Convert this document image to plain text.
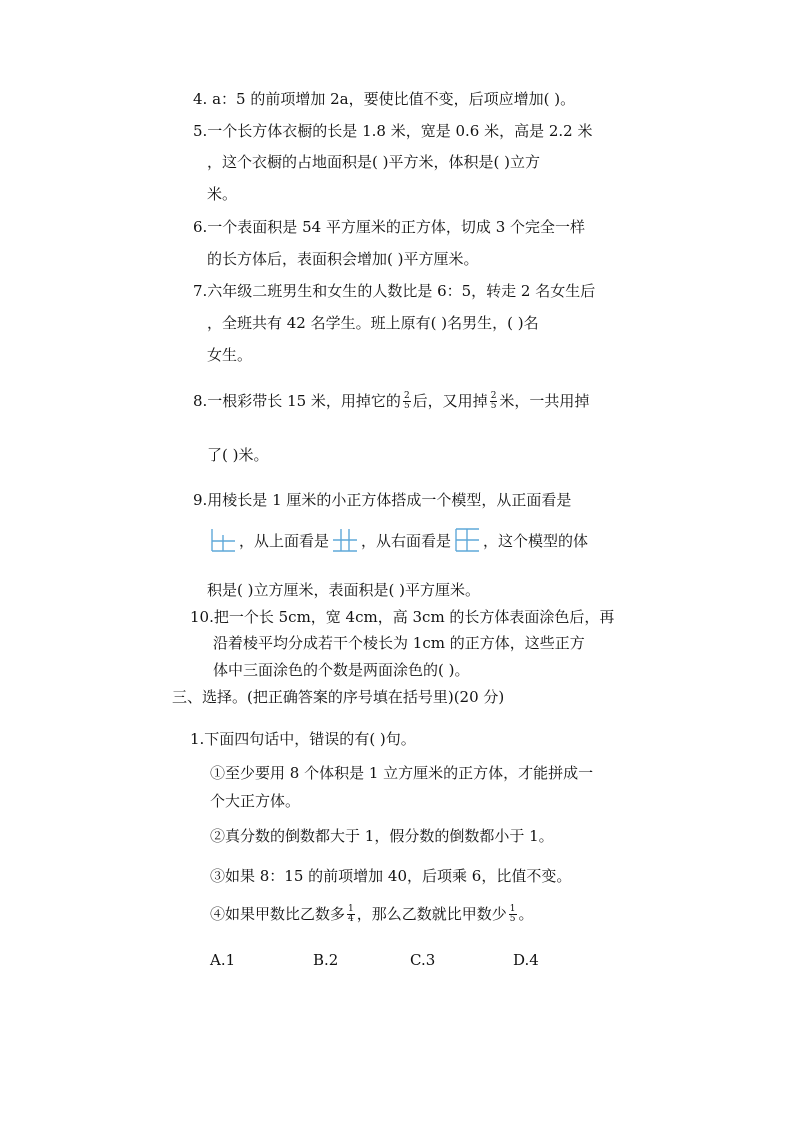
4. a：5 的前项增加 2a，要使比值不变，后项应增加( )。
5.一个长方体衣橱的长是 1.8 米，宽是 0.6 米，高是 2.2 米
，这个衣橱的占地面积是( )平方米，体积是( )立方
米。
6.一个表面积是 54 平方厘米的正方体，切成 3 个完全一样
的长方体后，表面积会增加( )平方厘米。
7.六年级二班男生和女生的人数比是 6：5，转走 2 名女生后
，全班共有 42 名学生。班上原有( )名男生，( )名
女生。
8.一根彩带长 15 米，用掉它的 $\frac{2}{5}$ 后，又用掉 $\frac{2}{5}$ 米，一共用掉
了( )米。
9.用棱长是 1 厘米的小正方体搭成一个模型，从正面看是
，从上面看是 ，从右面看是 ，这个模型的体
积是( )立方厘米，表面积是( )平方厘米。
10.把一个长 5cm，宽 4cm，高 3cm 的长方体表面涂色后，再
沿着棱平均分成若干个棱长为 1cm 的正方体，这些正方
体中三面涂色的个数是两面涂色的( )。
三、选择。(把正确答案的序号填在括号里)(20 分)
1.下面四句话中，错误的有( )句。
①至少要用 8 个体积是 1 立方厘米的正方体，才能拼成一
个大正方体。
②真分数的倒数都大于 1，假分数的倒数都小于 1。
③如果 8：15 的前项增加 40，后项乘 6，比值不变。
④如果甲数比乙数多 $\frac{1}{4}$ ，那么乙数就比甲数少 $\frac{1}{5}$ 。
A.1	B.2	C.3	D.4
